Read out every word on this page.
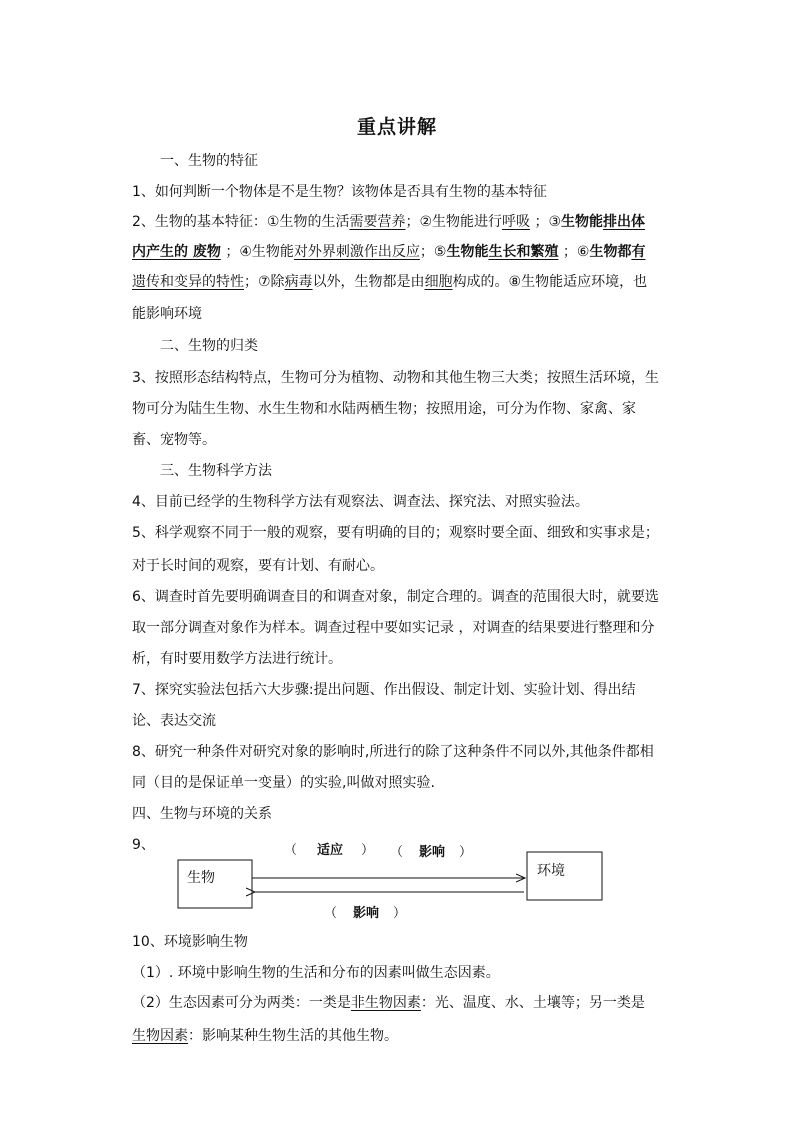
重点讲解
一、生物的特征
1、如何判断一个物体是不是生物？该物体是否具有生物的基本特征
2、生物的基本特征：①生物的生活需要营养；②生物能进行呼吸 ；③生物能排出体
内产生的 废物 ；④生物能对外界刺激作出反应；⑤生物能生长和繁殖 ；⑥生物都有
遗传和变异的特性；⑦除病毒以外，生物都是由细胞构成的。⑧生物能适应环境，也
能影响环境
二、生物的归类
3、按照形态结构特点，生物可分为植物、动物和其他生物三大类；按照生活环境，生
物可分为陆生生物、水生生物和水陆两栖生物；按照用途，可分为作物、家禽、家
畜、宠物等。
三、生物科学方法
4、目前已经学的生物科学方法有观察法、调查法、探究法、对照实验法。
5、科学观察不同于一般的观察，要有明确的目的；观察时要全面、细致和实事求是；
对于长时间的观察，要有计划、有耐心。
6、调查时首先要明确调查目的和调查对象，制定合理的。调查的范围很大时，就要选
取一部分调查对象作为样本。调查过程中要如实记录 ，对调查的结果要进行整理和分
析，有时要用数学方法进行统计。
7、探究实验法包括六大步骤:提出问题、作出假设、制定计划、实验计划、得出结
论、表达交流
8、研究一种条件对研究对象的影响时,所进行的除了这种条件不同以外,其他条件都相
同（目的是保证单一变量）的实验,叫做对照实验.
四、生物与环境的关系
9、
生物	环境
（ 适应 ） （ 影响 ）
（ 影响 ）
10、环境影响生物
（1）. 环境中影响生物的生活和分布的因素叫做生态因素。
（2）生态因素可分为两类：一类是非生物因素：光、温度、水、土壤等；另一类是
生物因素：影响某种生物生活的其他生物。
